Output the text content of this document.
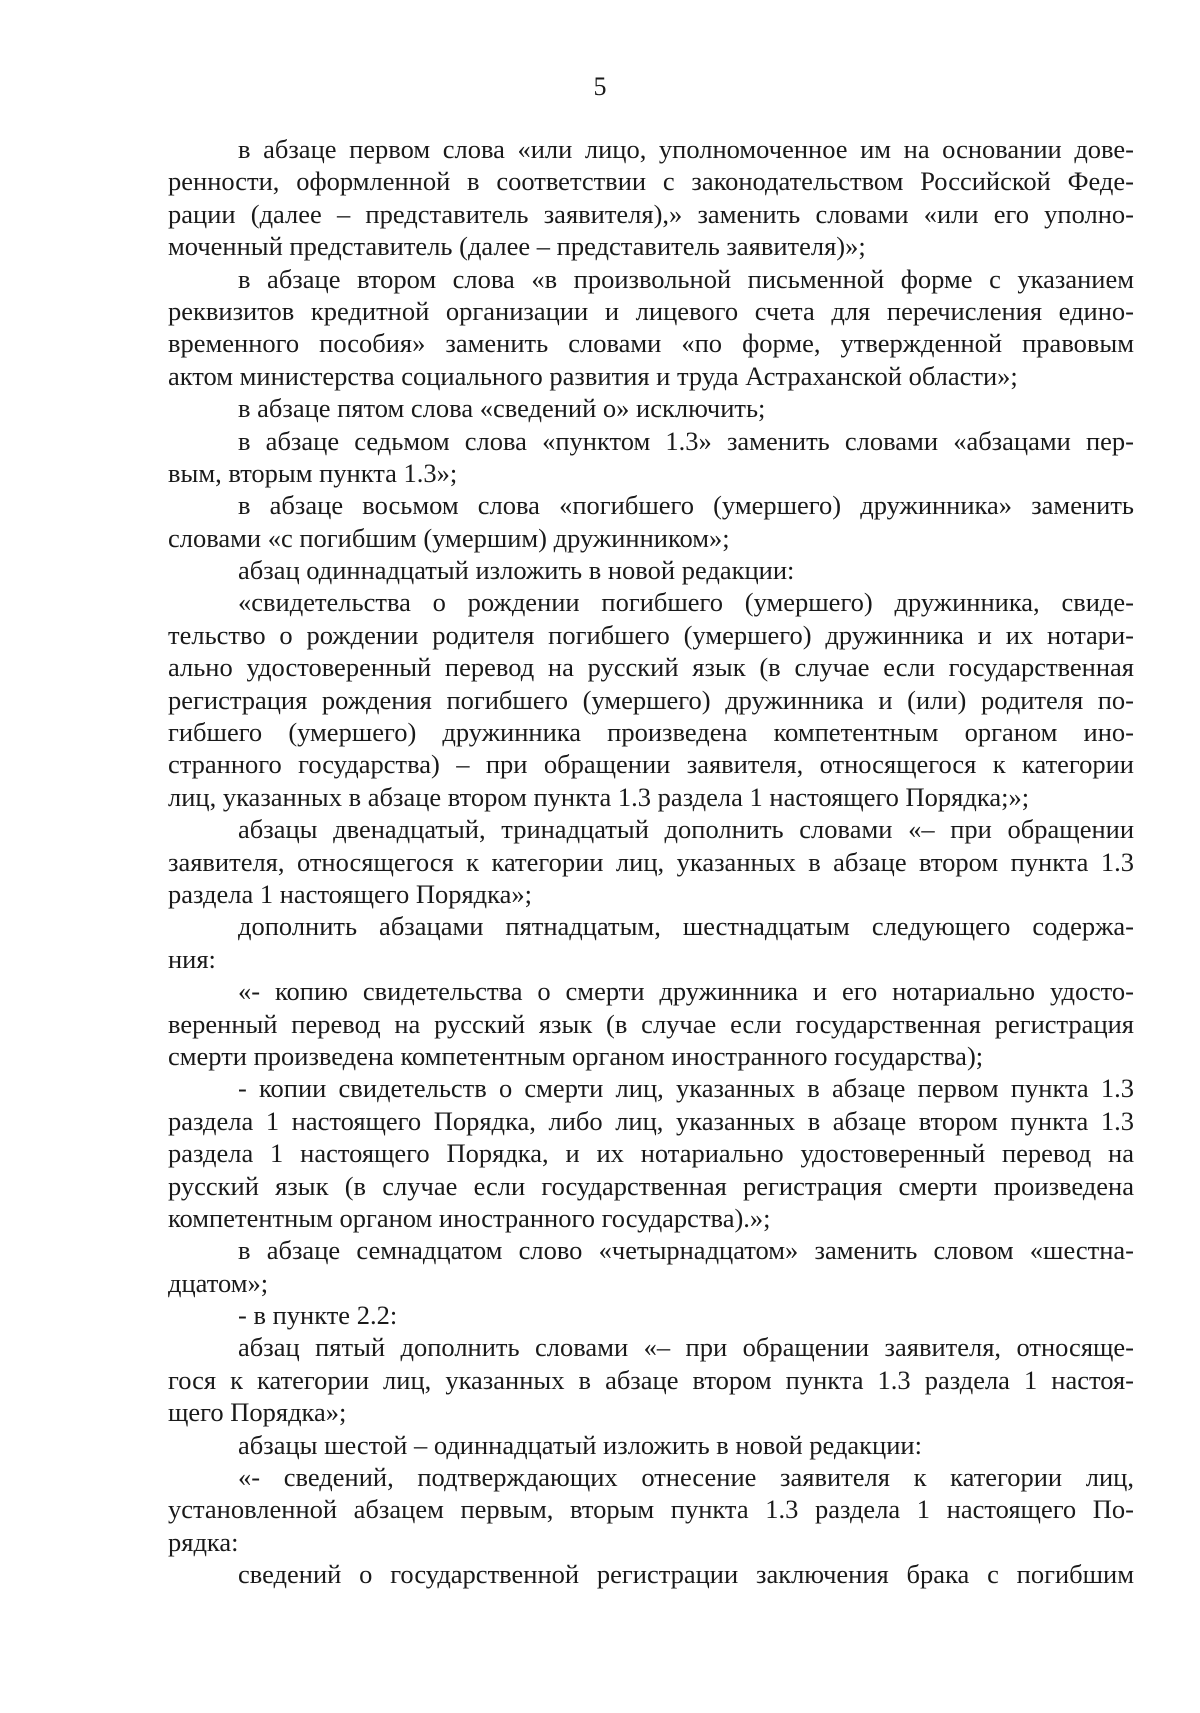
5
в абзаце первом слова «или лицо, уполномоченное им на основании дове-
ренности, оформленной в соответствии с законодательством Российской Феде-
рации (далее – представитель заявителя),» заменить словами «или его уполно-
моченный представитель (далее – представитель заявителя)»;
в абзаце втором слова «в произвольной письменной форме с указанием
реквизитов кредитной организации и лицевого счета для перечисления едино-
временного пособия» заменить словами «по форме, утвержденной правовым
актом министерства социального развития и труда Астраханской области»;
в абзаце пятом слова «сведений о» исключить;
в абзаце седьмом слова «пунктом 1.3» заменить словами «абзацами пер-
вым, вторым пункта 1.3»;
в абзаце восьмом слова «погибшего (умершего) дружинника» заменить
словами «с погибшим (умершим) дружинником»;
абзац одиннадцатый изложить в новой редакции:
«свидетельства о рождении погибшего (умершего) дружинника, свиде-
тельство о рождении родителя погибшего (умершего) дружинника и их нотари-
ально удостоверенный перевод на русский язык (в случае если государственная
регистрация рождения погибшего (умершего) дружинника и (или) родителя по-
гибшего (умершего) дружинника произведена компетентным органом ино-
странного государства) – при обращении заявителя, относящегося к категории
лиц, указанных в абзаце втором пункта 1.3 раздела 1 настоящего Порядка;»;
абзацы двенадцатый, тринадцатый дополнить словами «– при обращении
заявителя, относящегося к категории лиц, указанных в абзаце втором пункта 1.3
раздела 1 настоящего Порядка»;
дополнить абзацами пятнадцатым, шестнадцатым следующего содержа-
ния:
«- копию свидетельства о смерти дружинника и его нотариально удосто-
веренный перевод на русский язык (в случае если государственная регистрация
смерти произведена компетентным органом иностранного государства);
- копии свидетельств о смерти лиц, указанных в абзаце первом пункта 1.3
раздела 1 настоящего Порядка, либо лиц, указанных в абзаце втором пункта 1.3
раздела 1 настоящего Порядка, и их нотариально удостоверенный перевод на
русский язык (в случае если государственная регистрация смерти произведена
компетентным органом иностранного государства).»;
в абзаце семнадцатом слово «четырнадцатом» заменить словом «шестна-
дцатом»;
- в пункте 2.2:
абзац пятый дополнить словами «– при обращении заявителя, относяще-
гося к категории лиц, указанных в абзаце втором пункта 1.3 раздела 1 настоя-
щего Порядка»;
абзацы шестой – одиннадцатый изложить в новой редакции:
«- сведений, подтверждающих отнесение заявителя к категории лиц,
установленной абзацем первым, вторым пункта 1.3 раздела 1 настоящего По-
рядка:
сведений о государственной регистрации заключения брака с погибшим
